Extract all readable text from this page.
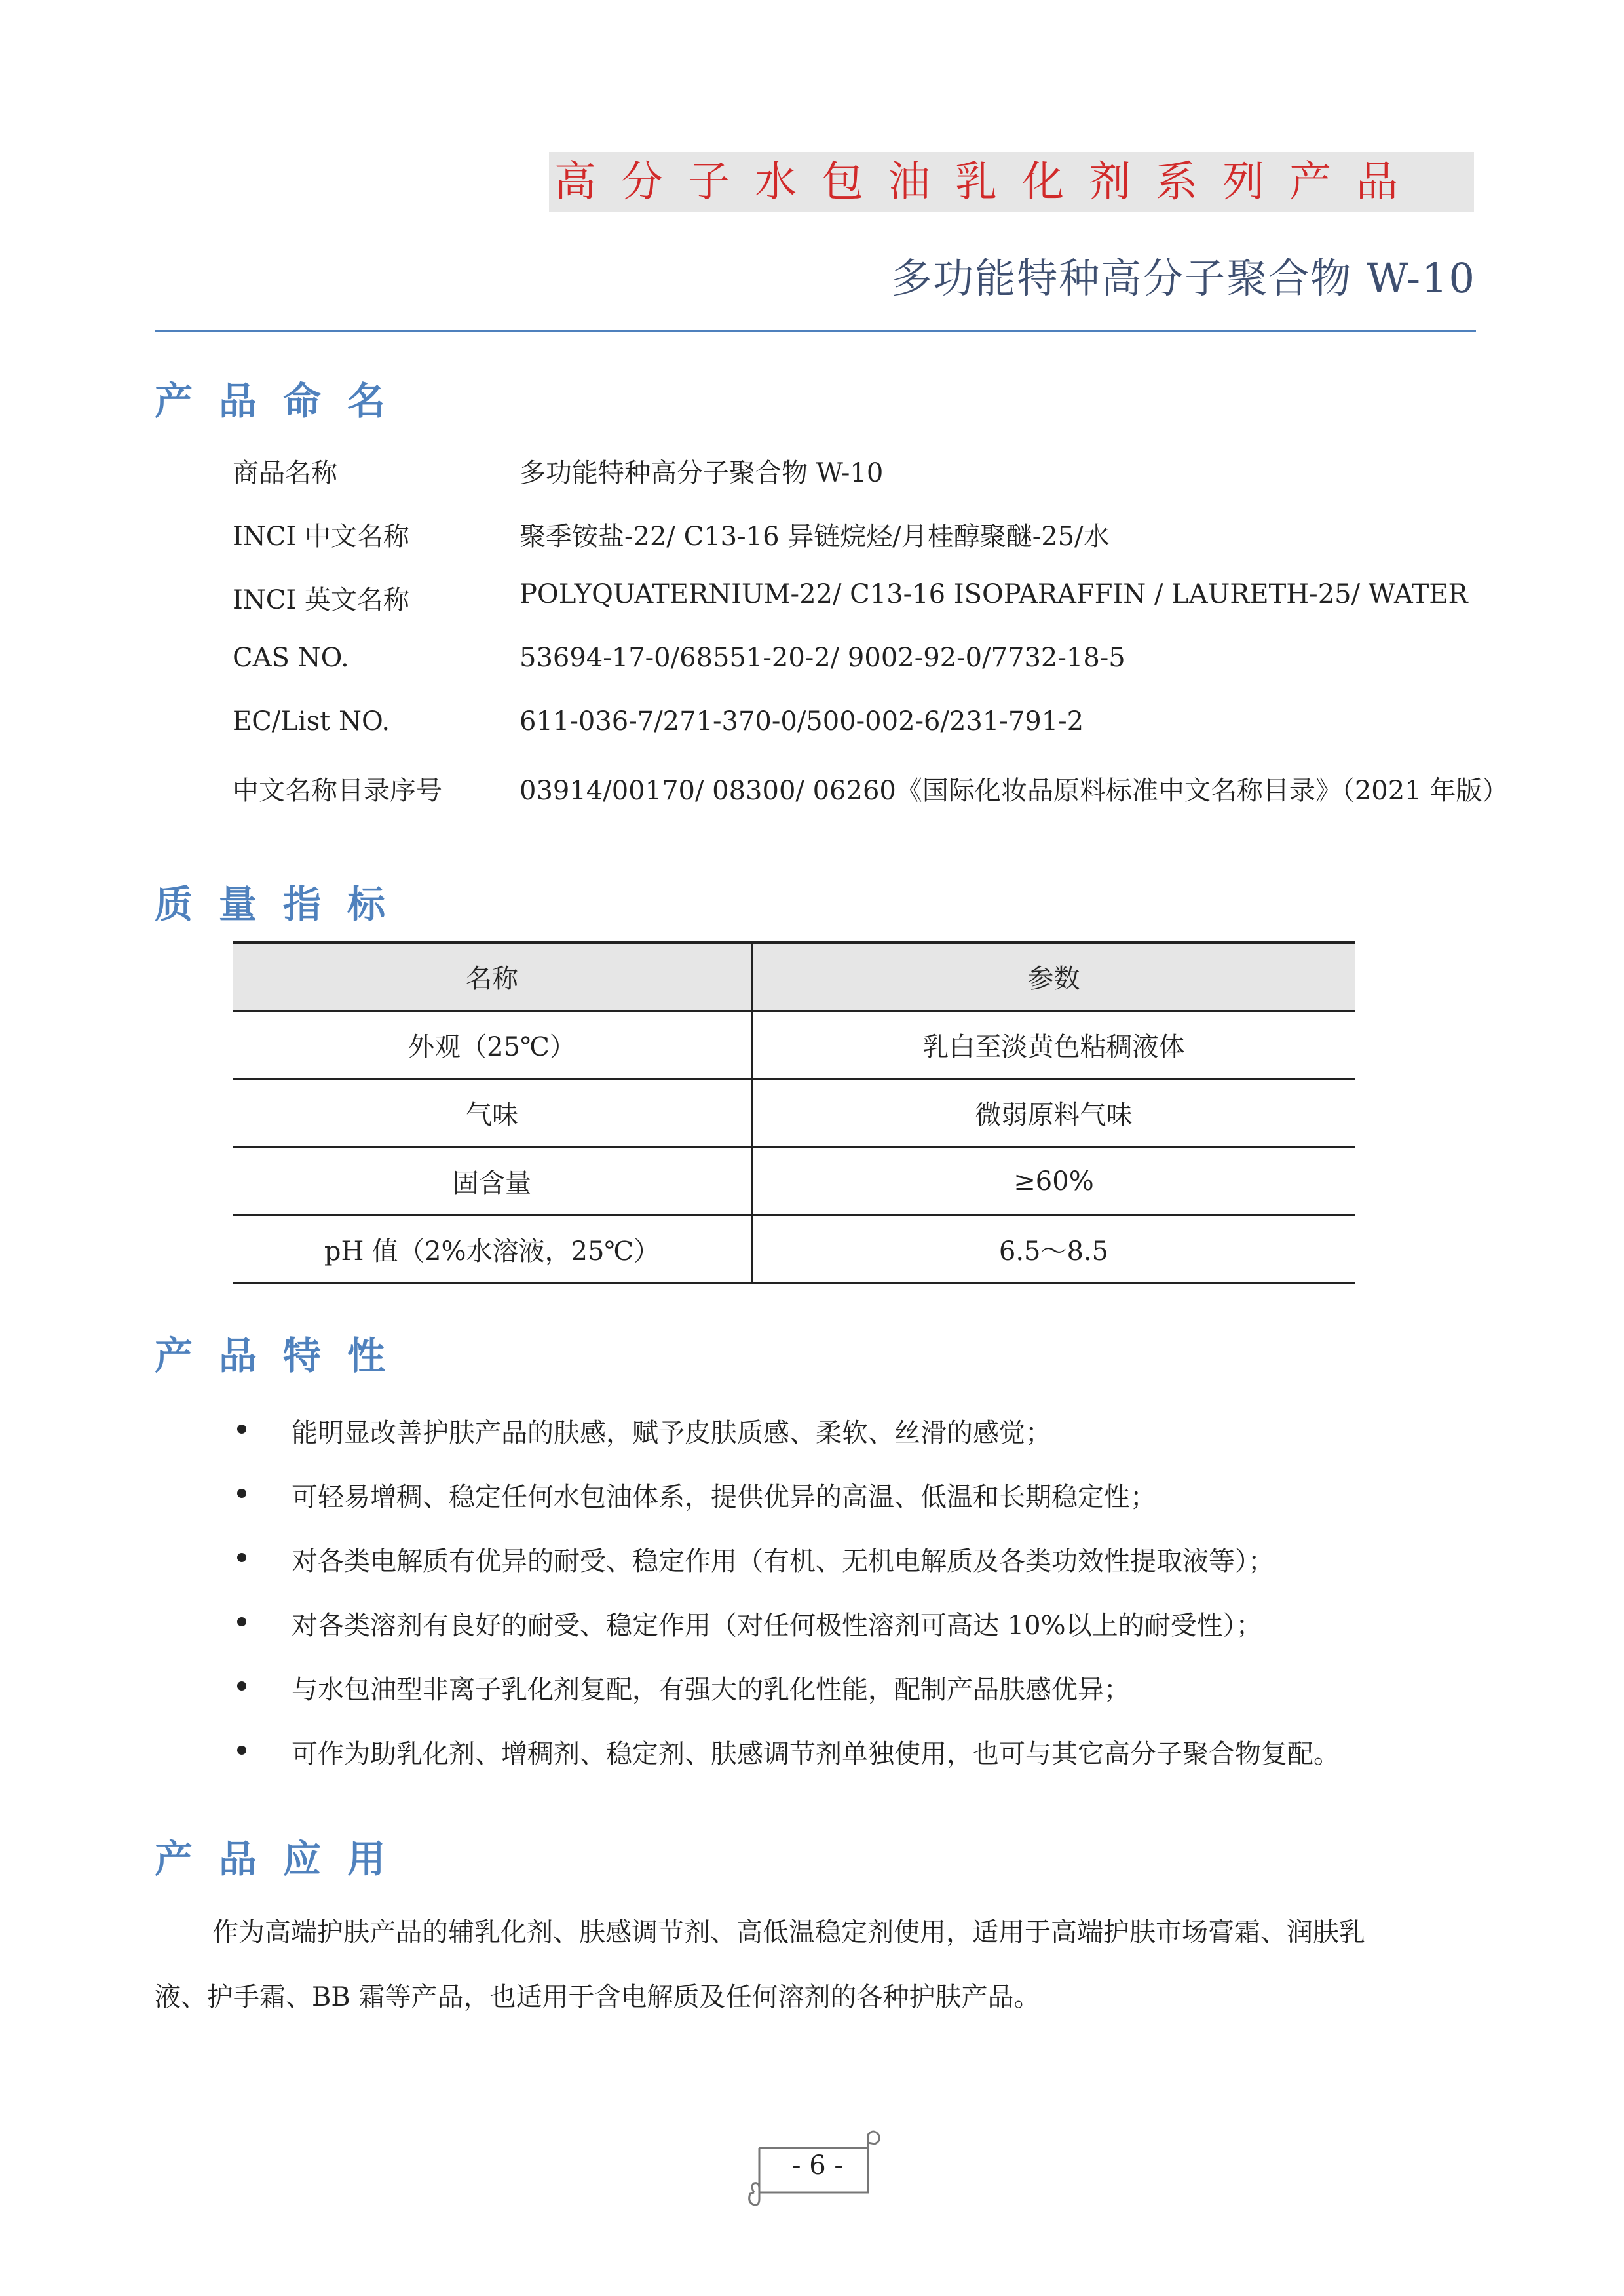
高分子水包油乳化剂系列产品
多功能特种高分子聚合物 W-10
产品命名
商品名称	多功能特种高分子聚合物 W-10
INCI 中文名称	聚季铵盐-22/ C13-16 异链烷烃/月桂醇聚醚-25/水
INCI 英文名称	POLYQUATERNIUM-22/ C13-16 ISOPARAFFIN / LAURETH-25/ WATER
CAS NO.	53694-17-0/68551-20-2/ 9002-92-0/7732-18-5
EC/List NO.	611-036-7/271-370-0/500-002-6/231-791-2
中文名称目录序号	03914/00170/ 08300/ 06260《国际化妆品原料标准中文名称目录》（2021 年版）
质量指标
名称	参数
外观（25℃）	乳白至淡黄色粘稠液体
气味	微弱原料气味
固含量	≥60%
pH 值（2%水溶液，25℃）	6.5～8.5
产品特性
能明显改善护肤产品的肤感，赋予皮肤质感、柔软、丝滑的感觉；
可轻易增稠、稳定任何水包油体系，提供优异的高温、低温和长期稳定性；
对各类电解质有优异的耐受、稳定作用（有机、无机电解质及各类功效性提取液等）；
对各类溶剂有良好的耐受、稳定作用（对任何极性溶剂可高达 10%以上的耐受性）；
与水包油型非离子乳化剂复配，有强大的乳化性能，配制产品肤感优异；
可作为助乳化剂、增稠剂、稳定剂、肤感调节剂单独使用，也可与其它高分子聚合物复配。
产品应用
作为高端护肤产品的辅乳化剂、肤感调节剂、高低温稳定剂使用，适用于高端护肤市场膏霜、润肤乳
液、护手霜、BB 霜等产品，也适用于含电解质及任何溶剂的各种护肤产品。
- 6 -
